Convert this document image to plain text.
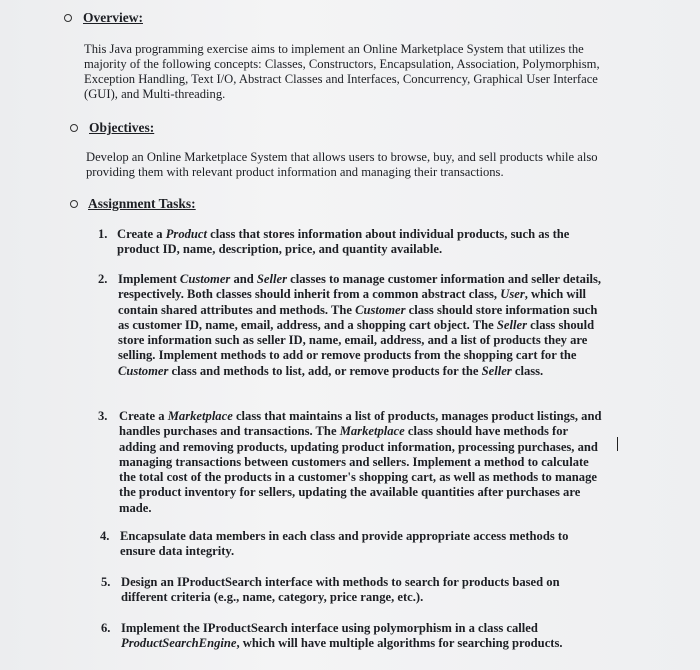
Overview:
This Java programming exercise aims to implement an Online Marketplace System that utilizes the majority of the following concepts: Classes, Constructors, Encapsulation, Association, Polymorphism, Exception Handling, Text I/O, Abstract Classes and Interfaces, Concurrency, Graphical User Interface (GUI), and Multi-threading.
Objectives:
Develop an Online Marketplace System that allows users to browse, buy, and sell products while also providing them with relevant product information and managing their transactions.
Assignment Tasks:
1. Create a Product class that stores information about individual products, such as the product ID, name, description, price, and quantity available.
2. Implement Customer and Seller classes to manage customer information and seller details, respectively. Both classes should inherit from a common abstract class, User, which will contain shared attributes and methods. The Customer class should store information such as customer ID, name, email, address, and a shopping cart object. The Seller class should store information such as seller ID, name, email, address, and a list of products they are selling. Implement methods to add or remove products from the shopping cart for the Customer class and methods to list, add, or remove products for the Seller class.
3. Create a Marketplace class that maintains a list of products, manages product listings, and handles purchases and transactions. The Marketplace class should have methods for adding and removing products, updating product information, processing purchases, and managing transactions between customers and sellers. Implement a method to calculate the total cost of the products in a customer's shopping cart, as well as methods to manage the product inventory for sellers, updating the available quantities after purchases are made.
4. Encapsulate data members in each class and provide appropriate access methods to ensure data integrity.
5. Design an IProductSearch interface with methods to search for products based on different criteria (e.g., name, category, price range, etc.).
6. Implement the IProductSearch interface using polymorphism in a class called ProductSearchEngine, which will have multiple algorithms for searching products.
